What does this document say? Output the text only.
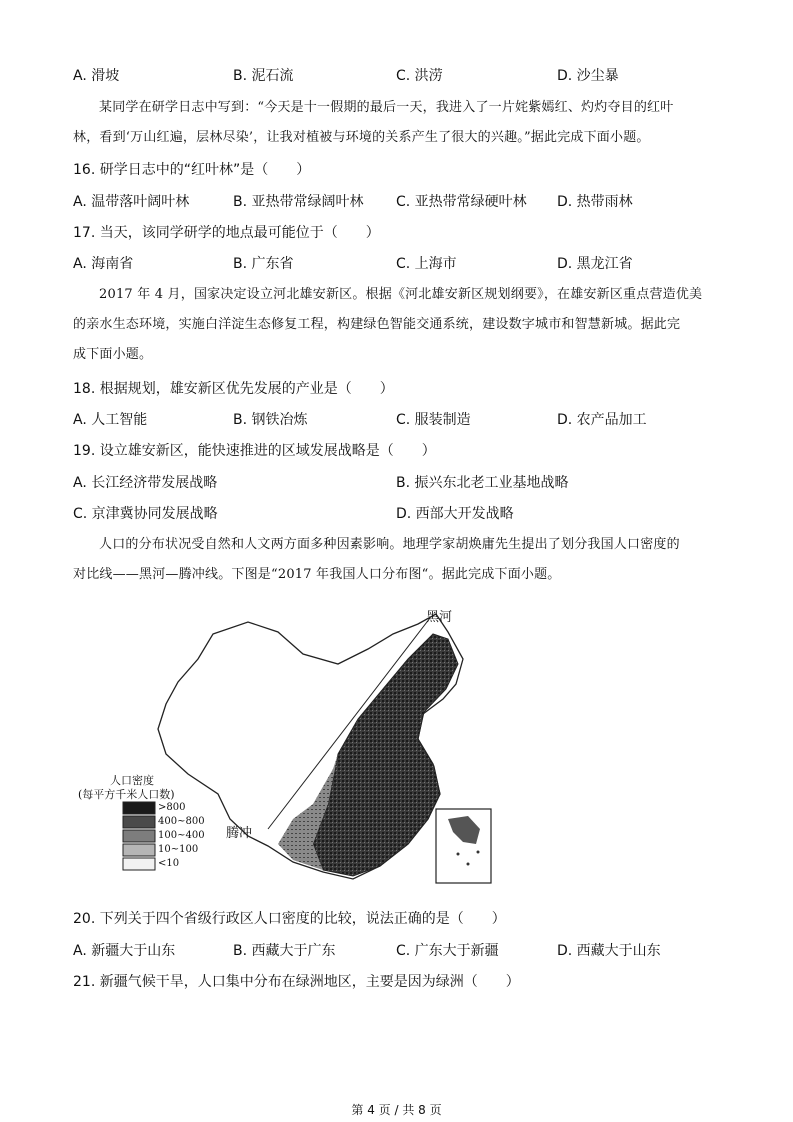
A. 滑坡	B. 泥石流	C. 洪涝	D. 沙尘暴
某同学在研学日志中写到：“今天是十一假期的最后一天，我进入了一片姹紫嫣红、灼灼夺目的红叶
林，看到‘万山红遍，层林尽染’，让我对植被与环境的关系产生了很大的兴趣。”据此完成下面小题。
16. 研学日志中的“红叶林”是（　　）
A. 温带落叶阔叶林	B. 亚热带常绿阔叶林 C. 亚热带常绿硬叶林 D. 热带雨林
17. 当天，该同学研学的地点最可能位于（　　）
A. 海南省	B. 广东省	C. 上海市	D. 黑龙江省
2017 年 4 月，国家决定设立河北雄安新区。根据《河北雄安新区规划纲要》，在雄安新区重点营造优美
的亲水生态环境，实施白洋淀生态修复工程，构建绿色智能交通系统，建设数字城市和智慧新城。据此完
成下面小题。
18. 根据规划，雄安新区优先发展的产业是（　　）
A. 人工智能	B. 钢铁冶炼	C. 服装制造	D. 农产品加工
19. 设立雄安新区，能快速推进的区域发展战略是（　　）
A. 长江经济带发展战略	B. 振兴东北老工业基地战略
C. 京津冀协同发展战略	D. 西部大开发战略
人口的分布状况受自然和人文两方面多种因素影响。地理学家胡焕庸先生提出了划分我国人口密度的
对比线——黑河—腾冲线。下图是“2017 年我国人口分布图“。据此完成下面小题。
黑河
腾冲
人口密度
(每平方千米人口数)
>800
400~800
100~400
10~100
<10
20. 下列关于四个省级行政区人口密度的比较，说法正确的是（　　）
A. 新疆大于山东	B. 西藏大于广东	C. 广东大于新疆	D. 西藏大于山东
21. 新疆气候干旱，人口集中分布在绿洲地区，主要是因为绿洲（　　）
第 4 页 / 共 8 页
